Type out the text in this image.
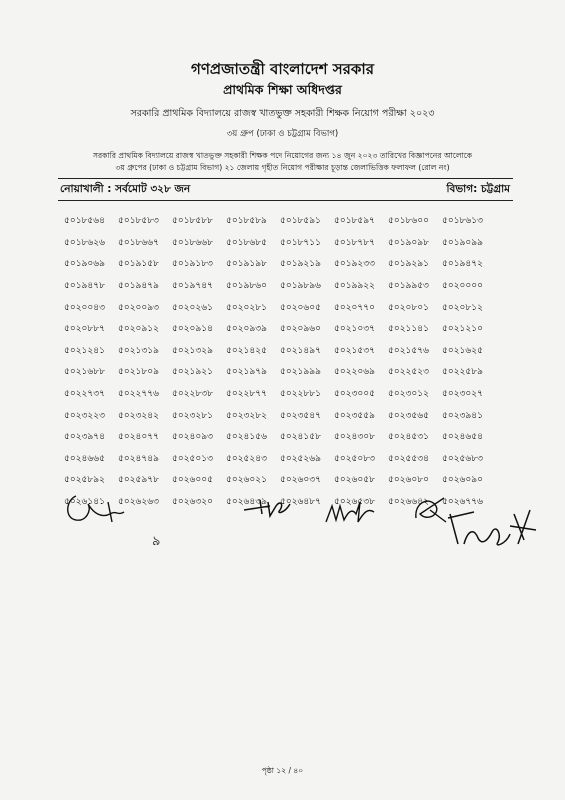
গণপ্রজাতন্ত্রী বাংলাদেশ সরকার
প্রাথমিক শিক্ষা অধিদপ্তর
সরকারি প্রাথমিক বিদ্যালয়ে রাজস্ব খাতভুক্ত সহকারী শিক্ষক নিয়োগ পরীক্ষা ২০২৩
৩য় গ্রুপ (ঢাকা ও চট্টগ্রাম বিভাগ)
সরকারি প্রাথমিক বিদ্যালয়ে রাজস্ব খাতভুক্ত সহকারী শিক্ষক পদে নিয়োগের জন্য ১৪ জুন ২০২৩ তারিখের বিজ্ঞাপনের আলোকে
৩য় গ্রুপের (ঢাকা ও চট্টগ্রাম বিভাগ) ২১ জেলায় গৃহীত নিয়োগ পরীক্ষার চূড়ান্ত জেলাভিত্তিক ফলাফল (রোল নং)
নোয়াখালী : সর্বমোট ৩২৮ জন	বিভাগ: চট্টগ্রাম
৫০১৮৫৬৪	৫০১৮৫৮৩	৫০১৮৫৮৮	৫০১৮৫৮৯	৫০১৮৫৯১	৫০১৮৫৯৭	৫০১৮৬০০	৫০১৮৬১৩
৫০১৮৬২৬	৫০১৮৬৬৭	৫০১৮৬৬৮	৫০১৮৬৮৫	৫০১৮৭১১	৫০১৮৭৮৭	৫০১৯০৯৮	৫০১৯০৯৯
৫০১৯০৬৯	৫০১৯১৫৮	৫০১৯১৮৩	৫০১৯১৯৮	৫০১৯২১৯	৫০১৯২৩৩	৫০১৯২৯১	৫০১৯৪৭২
৫০১৯৪৭৮	৫০১৯৪৭৯	৫০১৯৭৪৭	৫০১৯৮৬০	৫০১৯৮৯৬	৫০১৯৯২২	৫০১৯৯৫৩	৫০২০০০০
৫০২০০৪৩	৫০২০০৯৩	৫০২০২৬১	৫০২০২৮১	৫০২০৬০৫	৫০২০৭৭০	৫০২০৮০১	৫০২০৮১২
৫০২০৮৮৭	৫০২০৯১২	৫০২০৯১৪	৫০২০৯৩৯	৫০২০৯৬০	৫০২১০৩৭	৫০২১১৪১	৫০২১২১০
৫০২১২৪১	৫০২১৩১৯	৫০২১৩২৯	৫০২১৪২৫	৫০২১৪৯৭	৫০২১৫৩৭	৫০২১৫৭৬	৫০২১৬২৫
৫০২১৬৮৮	৫০২১৮০৯	৫০২১৯২১	৫০২১৯৭৯	৫০২১৯৯৯	৫০২২০৬৯	৫০২২৫২৩	৫০২২৫৮৯
৫০২২৭৩৭	৫০২২৭৭৬	৫০২২৮৩৮	৫০২২৮৭৭	৫০২২৮৮১	৫০২৩০০৫	৫০২৩০১২	৫০২৩০২৭
৫০২৩২২৩	৫০২৩২৪২	৫০২৩২৮১	৫০২৩২৮২	৫০২৩৫৪৭	৫০২৩৫৫৯	৫০২৩৫৬৫	৫০২৩৯৪১
৫০২৩৯৭৪	৫০২৪০৭৭	৫০২৪০৯৩	৫০২৪১৫৬	৫০২৪১৫৮	৫০২৪৩০৮	৫০২৪৫৩১	৫০২৪৬৫৪
৫০২৪৬৬৫	৫০২৪৭৪৯	৫০২৫০১৩	৫০২৫২৪৩	৫০২৫২৬৯	৫০২৫০৮৩	৫০২৫৫৩৪	৫০২৫৬৮৩
৫০২৫৮৯২	৫০২৫৯৭৮	৫০২৬০০৫	৫০২৬০২১	৫০২৬০৩৭	৫০২৬০৫৮	৫০২৬০৮০	৫০২৬০৯০
৫০২৬১৪১	৫০২৬২৬৩	৫০২৬৩২০	৫০২৬৪৩৯	৫০২৬৪৮৭	৫০২৬৫৩৮	৫০২৬৬৪২	৫০২৬৭৭৬
৯
পৃষ্ঠা ১২ / ৪০
